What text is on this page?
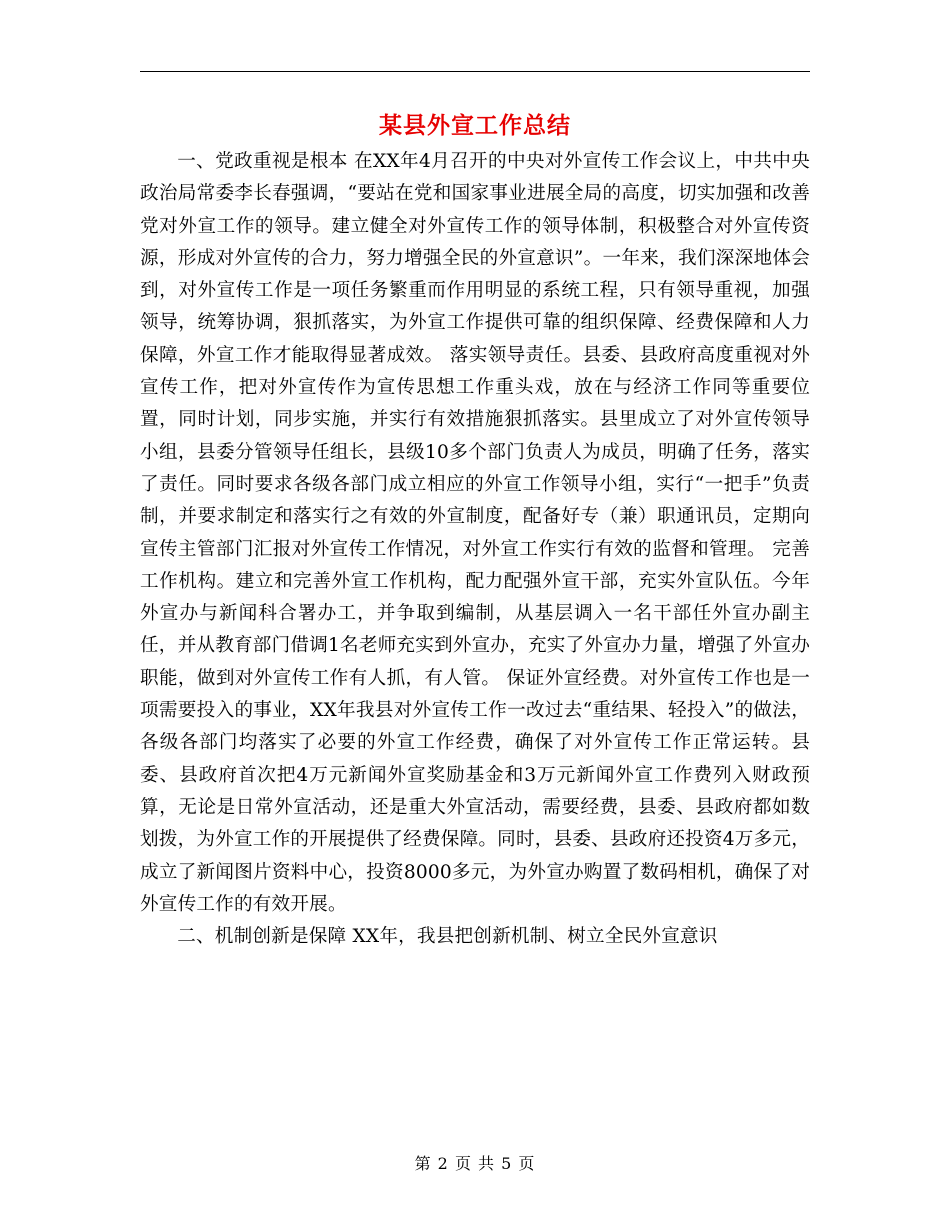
某县外宣工作总结

一、党政重视是根本 在XX年4月召开的中央对外宣传工作会议上，中共中央政治局常委李长春强调，“要站在党和国家事业进展全局的高度，切实加强和改善党对外宣工作的领导。建立健全对外宣传工作的领导体制，积极整合对外宣传资源，形成对外宣传的合力，努力增强全民的外宣意识”。一年来，我们深深地体会到，对外宣传工作是一项任务繁重而作用明显的系统工程，只有领导重视，加强领导，统筹协调，狠抓落实，为外宣工作提供可靠的组织保障、经费保障和人力保障，外宣工作才能取得显著成效。 落实领导责任。县委、县政府高度重视对外宣传工作，把对外宣传作为宣传思想工作重头戏，放在与经济工作同等重要位置，同时计划，同步实施，并实行有效措施狠抓落实。县里成立了对外宣传领导小组，县委分管领导任组长，县级10多个部门负责人为成员，明确了任务，落实了责任。同时要求各级各部门成立相应的外宣工作领导小组，实行“一把手”负责制，并要求制定和落实行之有效的外宣制度，配备好专（兼）职通讯员，定期向宣传主管部门汇报对外宣传工作情况，对外宣工作实行有效的监督和管理。 完善工作机构。建立和完善外宣工作机构，配力配强外宣干部，充实外宣队伍。今年外宣办与新闻科合署办工，并争取到编制，从基层调入一名干部任外宣办副主任，并从教育部门借调1名老师充实到外宣办，充实了外宣办力量，增强了外宣办职能，做到对外宣传工作有人抓，有人管。 保证外宣经费。对外宣传工作也是一项需要投入的事业，XX年我县对外宣传工作一改过去“重结果、轻投入”的做法，各级各部门均落实了必要的外宣工作经费，确保了对外宣传工作正常运转。县委、县政府首次把4万元新闻外宣奖励基金和3万元新闻外宣工作费列入财政预算，无论是日常外宣活动，还是重大外宣活动，需要经费，县委、县政府都如数划拨，为外宣工作的开展提供了经费保障。同时，县委、县政府还投资4万多元，成立了新闻图片资料中心，投资8000多元，为外宣办购置了数码相机，确保了对外宣传工作的有效开展。

二、机制创新是保障 XX年，我县把创新机制、树立全民外宣意识

第 2 页 共 5 页
